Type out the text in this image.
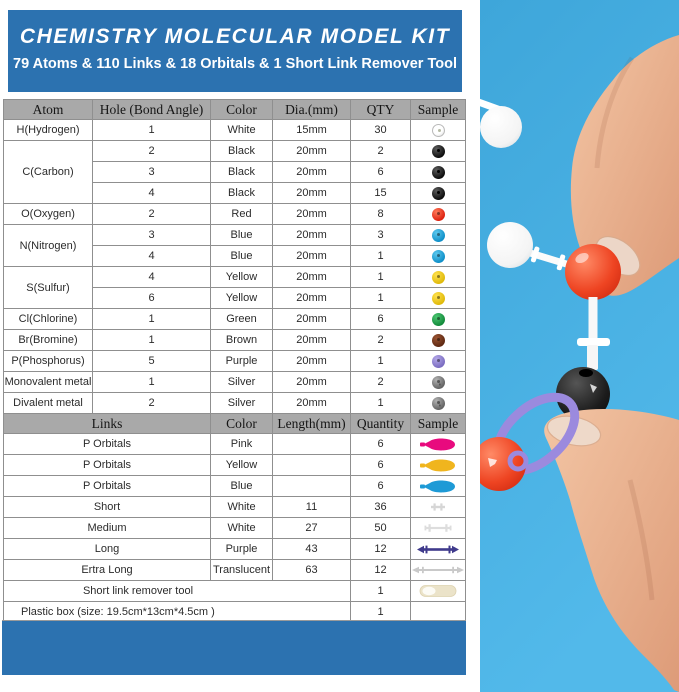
CHEMISTRY MOLECULAR MODEL KIT
79 Atoms & 110 Links & 18 Orbitals & 1 Short Link Remover Tool
Atom	Hole (Bond Angle)	Color	Dia.(mm)	QTY	Sample
H(Hydrogen)	1	White	15mm	30	
C(Carbon)	2	Black	20mm	2	
	3	Black	20mm	6	
	4	Black	20mm	15	
O(Oxygen)	2	Red	20mm	8	
N(Nitrogen)	3	Blue	20mm	3	
	4	Blue	20mm	1	
S(Sulfur)	4	Yellow	20mm	1	
	6	Yellow	20mm	1	
Cl(Chlorine)	1	Green	20mm	6	
Br(Bromine)	1	Brown	20mm	2	
P(Phosphorus)	5	Purple	20mm	1	
Monovalent metal	1	Silver	20mm	2	
Divalent metal	2	Silver	20mm	1	
Links		Color	Length(mm)	Quantity	Sample
P Orbitals		Pink		6	
P Orbitals		Yellow		6	
P Orbitals		Blue		6	
Short		White	11	36	
Medium		White	27	50	
Long		Purple	43	12	
Ertra Long		Translucent	63	12	
Short link remover tool				1	
Plastic box (size: 19.5cm*13cm*4.5cm )				1	
